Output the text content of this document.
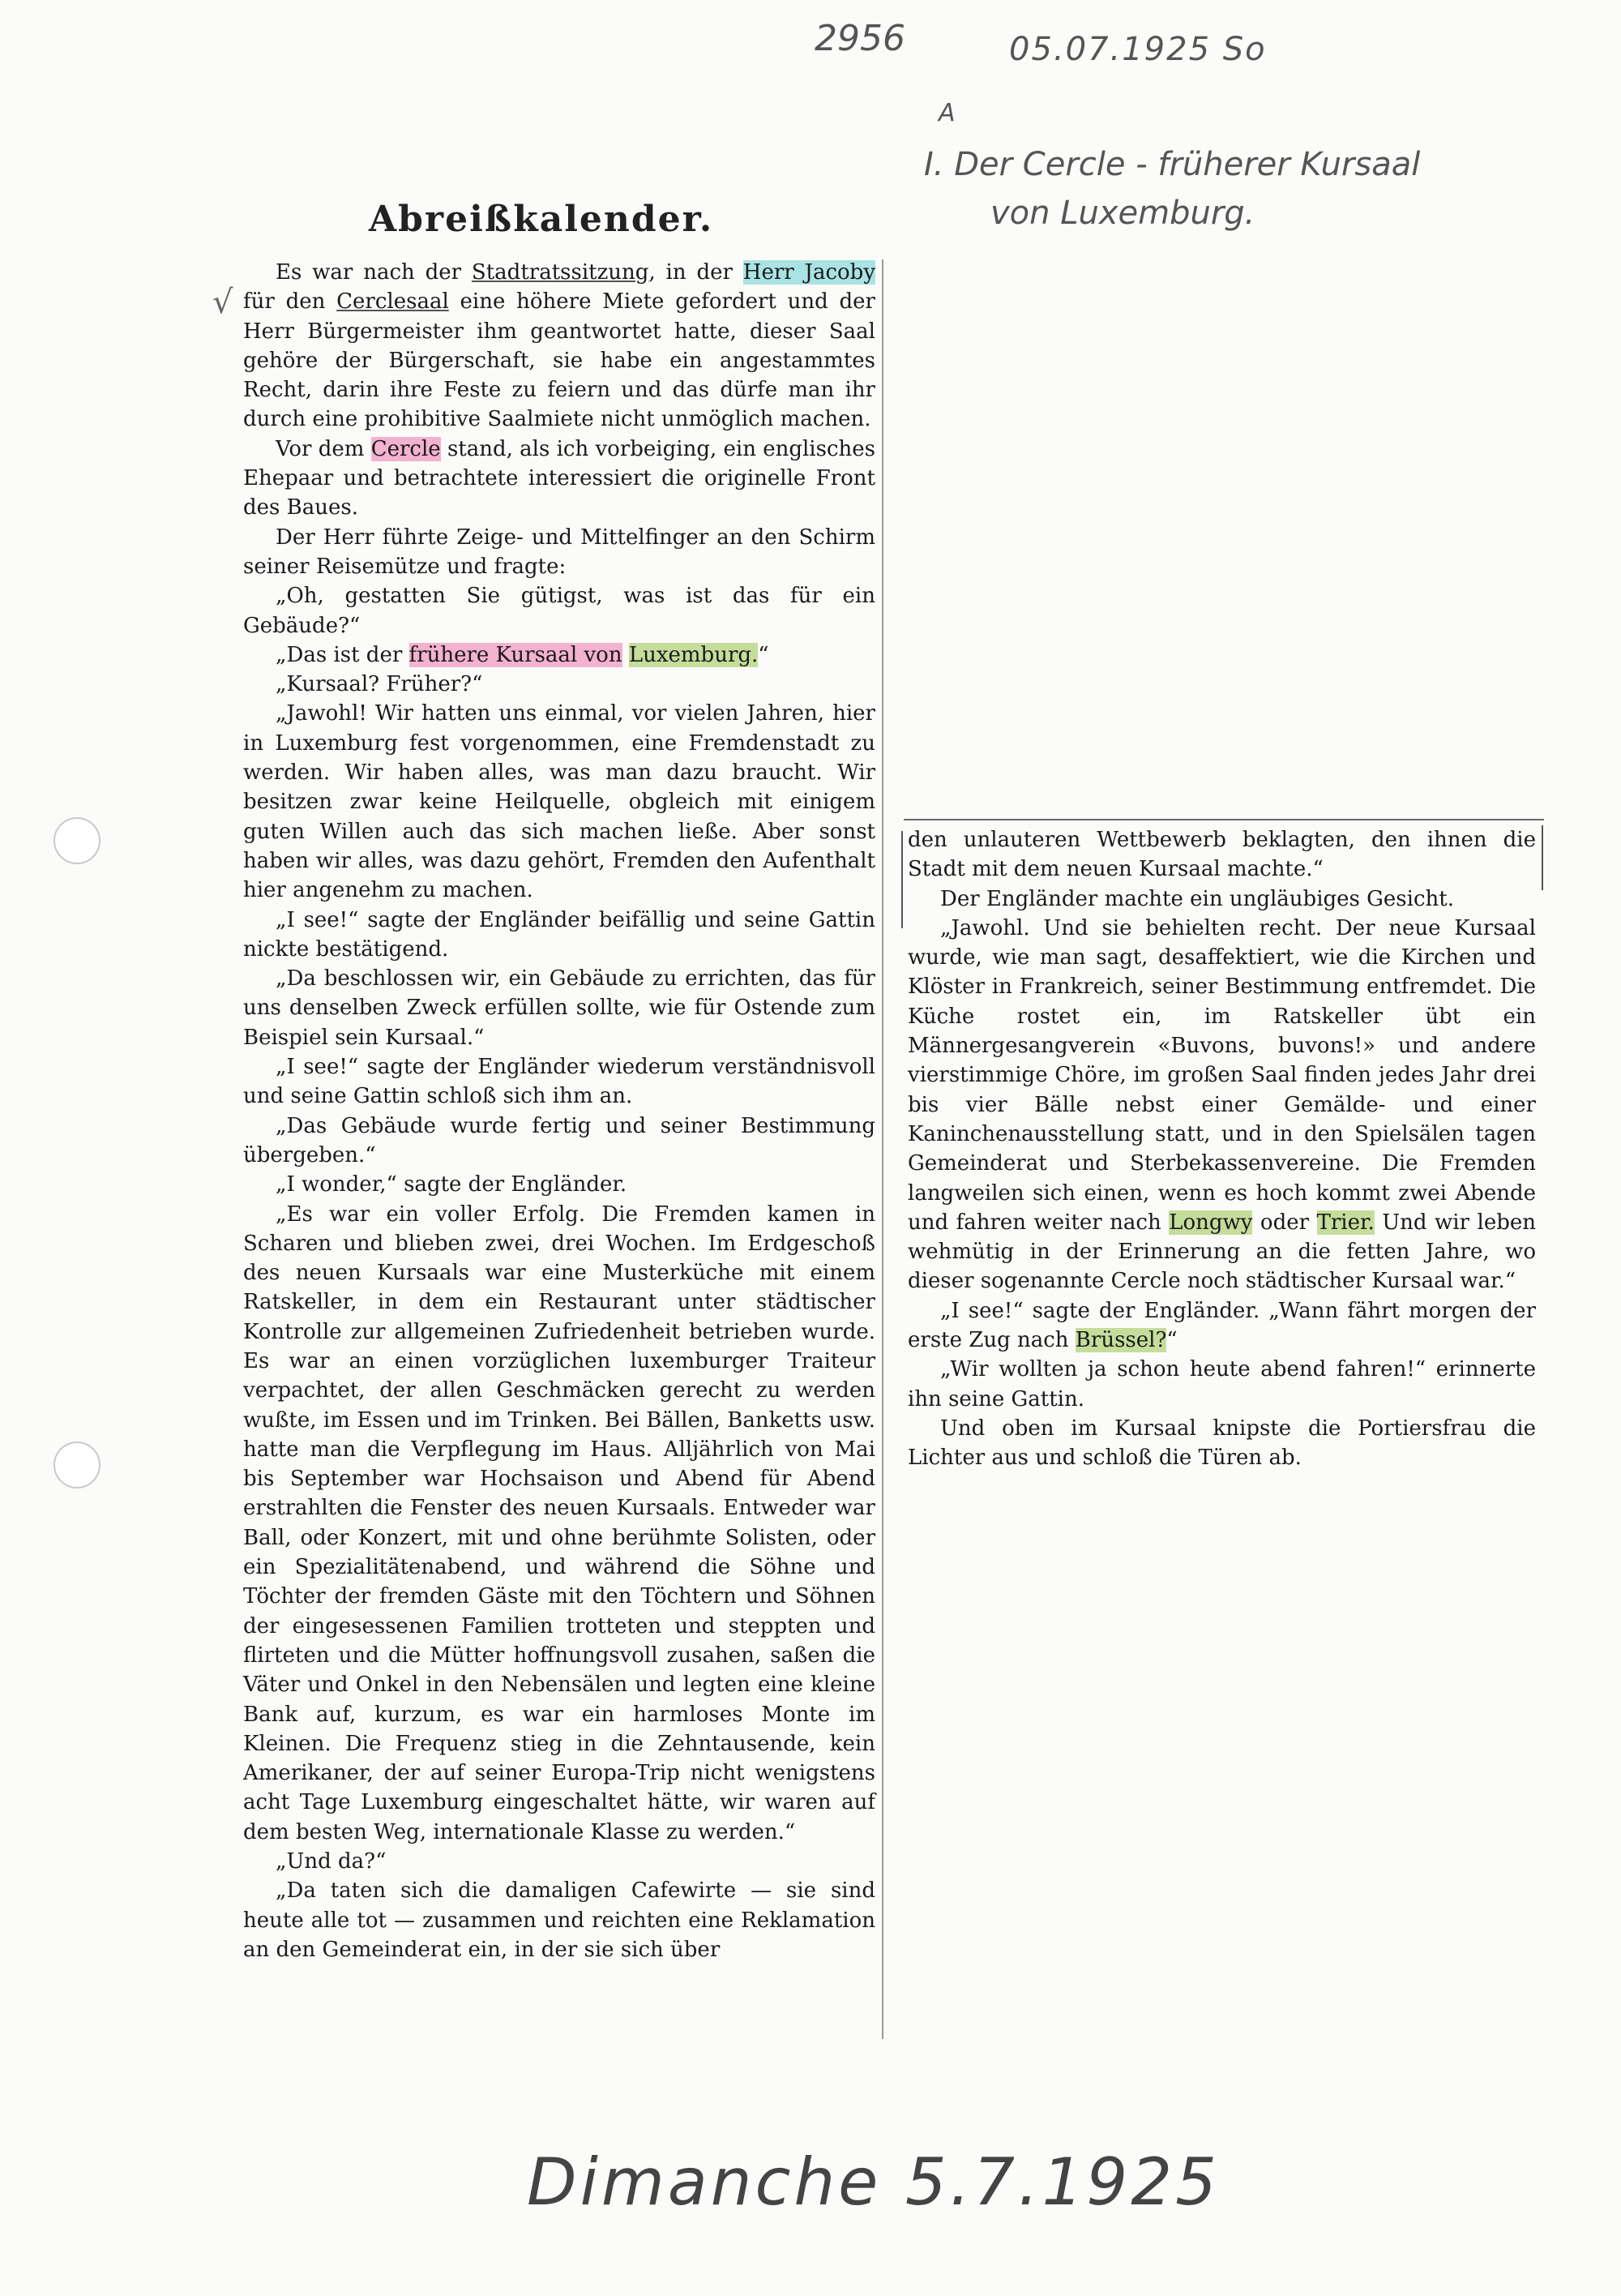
2956	05.07.1925 So
A
I. Der Cercle - früherer Kursaal
von Luxemburg.
√
Dimanche 5.7.1925
Abreißkalender.

Es war nach der Stadtratssitzung, in der Herr Jacoby für den Cerclesaal eine höhere Miete gefordert und der Herr Bürgermeister ihm geantwortet hatte, dieser Saal gehöre der Bürgerschaft, sie habe ein angestammtes Recht, darin ihre Feste zu feiern und das dürfe man ihr durch eine prohibitive Saalmiete nicht unmöglich machen.

Vor dem Cercle stand, als ich vorbeiging, ein englisches Ehepaar und betrachtete interessiert die originelle Front des Baues.

Der Herr führte Zeige- und Mittelfinger an den Schirm seiner Reisemütze und fragte:

„Oh, gestatten Sie gütigst, was ist das für ein Gebäude?“

„Das ist der frühere Kursaal von Luxemburg.“

„Kursaal? Früher?“

„Jawohl! Wir hatten uns einmal, vor vielen Jahren, hier in Luxemburg fest vorgenommen, eine Fremdenstadt zu werden. Wir haben alles, was man dazu braucht. Wir besitzen zwar keine Heilquelle, obgleich mit einigem guten Willen auch das sich machen ließe. Aber sonst haben wir alles, was dazu gehört, Fremden den Aufenthalt hier angenehm zu machen.

„I see!“ sagte der Engländer beifällig und seine Gattin nickte bestätigend.

„Da beschlossen wir, ein Gebäude zu errichten, das für uns denselben Zweck erfüllen sollte, wie für Ostende zum Beispiel sein Kursaal.“

„I see!“ sagte der Engländer wiederum verständnisvoll und seine Gattin schloß sich ihm an.

„Das Gebäude wurde fertig und seiner Bestimmung übergeben.“

„I wonder,“ sagte der Engländer.

„Es war ein voller Erfolg. Die Fremden kamen in Scharen und blieben zwei, drei Wochen. Im Erdgeschoß des neuen Kursaals war eine Musterküche mit einem Ratskeller, in dem ein Restaurant unter städtischer Kontrolle zur allgemeinen Zufriedenheit betrieben wurde. Es war an einen vorzüglichen luxemburger Traiteur verpachtet, der allen Geschmäcken gerecht zu werden wußte, im Essen und im Trinken. Bei Bällen, Banketts usw. hatte man die Verpflegung im Haus. Alljährlich von Mai bis September war Hochsaison und Abend für Abend erstrahlten die Fenster des neuen Kursaals. Entweder war Ball, oder Konzert, mit und ohne berühmte Solisten, oder ein Spezialitätenabend, und während die Söhne und Töchter der fremden Gäste mit den Töchtern und Söhnen der eingesessenen Familien trotteten und steppten und flirteten und die Mütter hoffnungsvoll zusahen, saßen die Väter und Onkel in den Nebensälen und legten eine kleine Bank auf, kurzum, es war ein harmloses Monte im Kleinen. Die Frequenz stieg in die Zehntausende, kein Amerikaner, der auf seiner Europa-Trip nicht wenigstens acht Tage Luxemburg eingeschaltet hätte, wir waren auf dem besten Weg, internationale Klasse zu werden.“

„Und da?“

„Da taten sich die damaligen Cafewirte — sie sind heute alle tot — zusammen und reichten eine Reklamation an den Gemeinderat ein, in der sie sich über

den unlauteren Wettbewerb beklagten, den ihnen die Stadt mit dem neuen Kursaal machte.“

Der Engländer machte ein ungläubiges Gesicht.

„Jawohl. Und sie behielten recht. Der neue Kursaal wurde, wie man sagt, desaffektiert, wie die Kirchen und Klöster in Frankreich, seiner Bestimmung entfremdet. Die Küche rostet ein, im Ratskeller übt ein Männergesangverein «Buvons, buvons!» und andere vierstimmige Chöre, im großen Saal finden jedes Jahr drei bis vier Bälle nebst einer Gemälde- und einer Kaninchenausstellung statt, und in den Spielsälen tagen Gemeinderat und Sterbekassenvereine. Die Fremden langweilen sich einen, wenn es hoch kommt zwei Abende und fahren weiter nach Longwy oder Trier. Und wir leben wehmütig in der Erinnerung an die fetten Jahre, wo dieser sogenannte Cercle noch städtischer Kursaal war.“

„I see!“ sagte der Engländer. „Wann fährt morgen der erste Zug nach Brüssel?“

„Wir wollten ja schon heute abend fahren!“ erinnerte ihn seine Gattin.

Und oben im Kursaal knipste die Portiersfrau die Lichter aus und schloß die Türen ab.
